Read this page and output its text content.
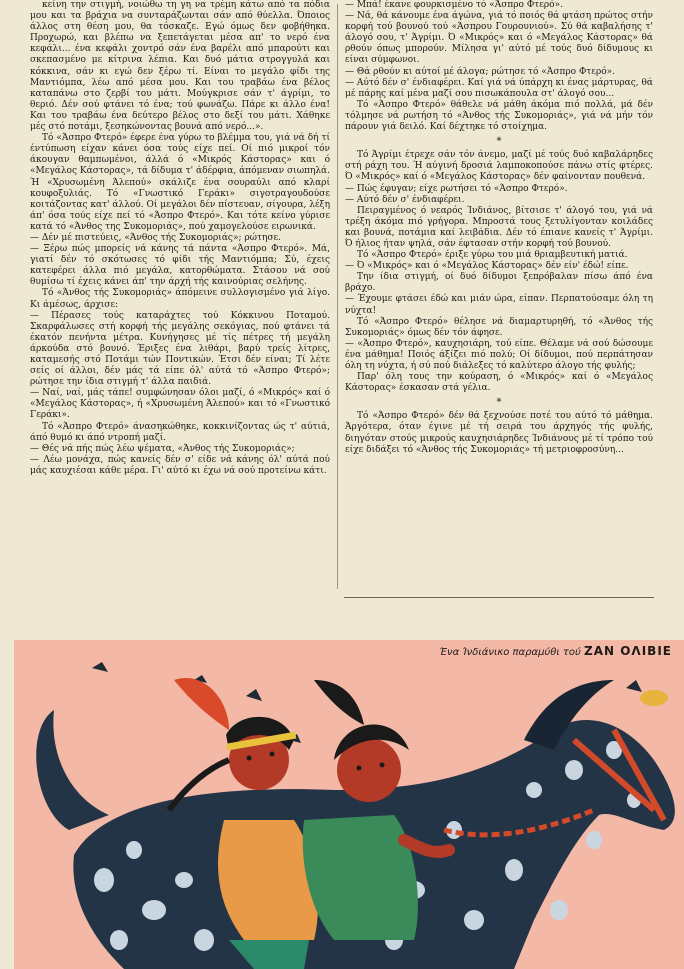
κείνη την στιγμή, νοιώθω τη γη να τρέμη κάτω από τα πόδια μου και τα βράχια να συνταράζωνται σάν από θύελλα. Όποιος άλλος στη θέση μου, θα τόσκαζε. Εγώ όμως δεν φοβήθηκα. Προχωρώ, και βλέπω να ξεπετάγεται μέσα απ' το νερό ένα κεφάλι... ένα κεφάλι χοντρό σάν ένα βαρέλι από μπαρούτι και σκεπασμένο με κίτρινα λέπια. Και δυό μάτια στρογγυλά και κόκκινα, σάν κι εγώ δεν ξέρω τί. Είναι το μεγάλο φίδι της Μαντιόμπα, λέω από μέσα μου. Και του τραβάω ένα βέλος καταπάνω στο ζερβί του μάτι. Μούγκρισε σάν τ' άγρίμι, το θεριό. Δέν σού φτάνει τό ένα; τού φωνάζω. Πάρε κι άλλο ένα! Και του τραβάω ένα δεύτερο βέλος στο δεξί του μάτι. Χάθηκε μές στό ποτάμι, ξεσηκώνοντας βουνά από νερό...».

Τό «Άσπρο Φτερό» έφερε ένα γύρω το βλέμμα του, γιά νά δή τί έντύπωση είχαν κάνει όσα τούς είχε πεί. Οί πιό μικροί τόν άκουγαν θαμπωμένοι, άλλά ό «Μικρός Κάστορας» και ό «Μεγάλος Κάστορας», τά δίδυμα τ' άδέρφια, άπόμεναν σιωπηλά. Ή «Χρυσωμένη Άλεπού» σκάλιζε ένα σουραύλι από κλαρί κουφοξυλιάς. Τό «Γνωστικό Γεράκι» σιγοτραγουδούσε κοιτάζοντας κατ' άλλού. Οί μεγάλοι δέν πίστευαν, σίγουρα, λέξη άπ' όσα τούς είχε πεί τό «Άσπρο Φτερό». Και τότε κείνο γύρισε κατά τό «Άνθος της Συκομοριάς», πού χαμογελούσε ειρωνικά.

— Δέν μέ πιστεύεις, «Άνθος τής Συκομοριάς»; ρώτησε.

— Ξέρω πώς μπορείς νά κάνης τά πάντα «Άσπρο Φτερό». Μά, γιατί δέν τό σκότωσες τό φίδι τής Μαντιόμπα; Σύ, έχεις κατεφέρει άλλα πιό μεγάλα, κατορθώματα. Στάσου νά σού θυμίσω τί έχεις κάνει άπ' την άρχή τής καινούριας σελήνης.

Τό «Άνθος τής Συκομοριάς» άπόμεινε συλλογισμένο γιά λίγο. Κι άμέσως, άρχισε:

— Πέρασες τούς καταράχτες τού Κόκκινου Ποταμού. Σκαρφάλωσες στή κορφή τής μεγάλης σεκόγιας, πού φτάνει τά έκατόν πενήντα μέτρα. Κυνήγησες μέ τίς πέτρες τή μεγάλη άρκούδα στό βουνό. Έριξες ένα λιθάρι, βαρύ τρείς λίτρες, καταμεσής στό Ποτάμι τών Ποντικών. Έτσι δέν είναι; Τί λέτε σείς οί άλλοι, δέν μάς τά είπε όλ' αύτά τό «Άσπρο Φτερό»; ρώτησε την ίδια στιγμή τ' άλλα παιδιά.

— Ναί, ναί, μάς τάπε! συμφώνησαν όλοι μαζί, ό «Μικρός» καί ό «Μεγάλος Κάστορας», ή «Χρυσωμένη Άλεπού» και τό «Γνωστικό Γεράκι».

Τό «Άσπρο Φτερό» άνασηκώθηκε, κοκκινίζοντας ώς τ' αύτιά, άπό θυμό κι άπό ντροπή μαζί.

— Θές νά πής πώς λέω ψέματα, «Άνθος τής Συκομοριάς»;

— Λέω μονάχα, πώς κανείς δέν σ' είδε νά κάνης όλ' αύτά πού μάς καυχιέσαι κάθε μέρα. Γι' αύτό κι έχω νά σού προτείνω κάτι.

— Μπά! έκανε φουρκισμένο τό «Άσπρο Φτερό».

— Νά, θά κάνουμε ένα άγώνα, γιά τό ποιός θά φτάση πρώτος στήν κορφή τού βουνού τού «Άσπρου Γουρουνιού». Σύ θά καβαλήσης τ' άλογό σου, τ' Άγρίμι. Ό «Μικρός» και ό «Μεγάλος Κάστορας» θά ρθούν όπως μπορούν. Μίλησα γι' αύτό μέ τούς δυό δίδυμους κι είναι σύμφωνοι.

— Θά ρθούν κι αύτοί μέ άλογα; ρώτησε τό «Άσπρο Φτερό».

— Αύτό δέν σ' ένδιαφέρει. Καί γιά νά ύπάρχη κι ένας μάρτυρας, θά μέ πάρης καί μένα μαζί σου πισωκάπουλα στ' άλογό σου...

Τό «Άσπρο Φτερό» θάθελε νά μάθη άκόμα πιό πολλά, μά δέν τόλμησε νά ρωτήση τό «Άνθος τής Συκομοριάς», γιά νά μήν τόν πάρουν γιά δειλό. Καί δέχτηκε τό στοίχημα.

*

Τό Άγρίμι έτρεχε σάν τόν άνεμο, μαζί μέ τούς δυό καβαλάρηδες στή ράχη του. Ή αύγινή δροσιά λαμποκοπούσε πάνω στίς φτέρες. Ό «Μικρός» καί ό «Μεγάλος Κάστορας» δέν φαίνονταν πουθενά.

— Πώς έφυγαν; είχε ρωτήσει τό «Άσπρο Φτερό».

— Αύτό δέν σ' ένδιαφέρει.

Πειραγμένος ό νεαρός Ίνδιάνος, βίτσισε τ' άλογό του, γιά νά τρέξη άκόμα πιό γρήγορα. Μπροστά τους ξετυλίγονταν κοιλάδες και βουνά, ποτάμια καί λειβάδια. Δέν τό έπιανε κανείς τ' Άγρίμι. Ό ήλιος ήταν ψηλά, σάν έφτασαν στήν κορφή τού βουνού.

Τό «Άσπρο Φτερό» έριξε γύρω του μιά θριαμβευτική ματιά.

— Ό «Μικρός» και ό «Μεγάλος Κάστορας» δέν είν' έδώ! είπε.

Την ίδια στιγμή, οί δυό δίδυμοι ξεπρόβαλαν πίσω άπό ένα βράχο.

— Έχουμε φτάσει έδώ και μιάν ώρα, είπαν. Περπατούσαμε όλη τη νύχτα!

Τό «Άσπρο Φτερό» θέλησε νά διαμαρτυρηθή, τό «Άνθος τής Συκομοριάς» όμως δέν τόν άφησε.

— «Άσπρο Φτερό», καυχησιάρη, τού είπε. Θέλαμε νά σού δώσουμε ένα μάθημα! Ποιός άξίζει πιό πολύ; Οί δίδυμοι, πού περπάτησαν όλη τη νύχτα, ή σύ πού διάλεξες τό καλύτερο άλογο τής φυλής;

Παρ' όλη τους την κούραση, ό «Μικρός» καί ό «Μεγάλος Κάστορας» έσκασαν στά γέλια.

*

Τό «Άσπρο Φτερό» δέν θά ξεχνούσε ποτέ του αύτό τό μάθημα. Άργότερα, όταν έγινε μέ τή σειρά του άρχηγός τής φυλής, διηγόταν στούς μικρούς καυχησιάρηδες Ίνδιάνους μέ τί τρόπο τού είχε διδάξει τό «Άνθος τής Συκομοριάς» τή μετριοφροσύνη...

Ένα Ίνδιάνικο παραμύθι τού ΖΑΝ ΟΛΙΒΙΕ
